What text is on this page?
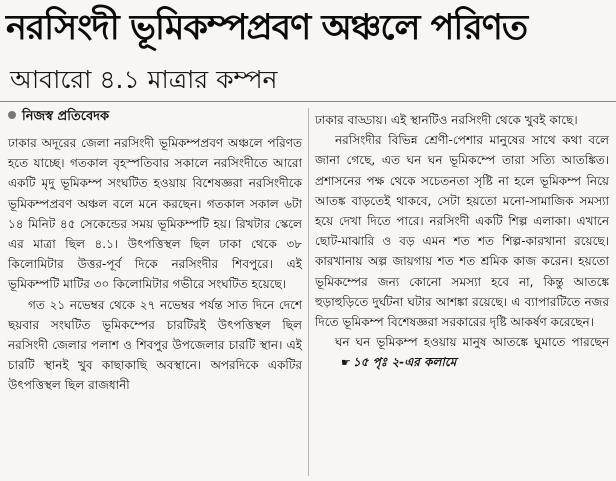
নরসিংদী ভূমিকম্পপ্রবণ অঞ্চলে পরিণত
আবারো ৪.১ মাত্রার কম্পন
নিজস্ব প্রতিবেদক

ঢাকার অদূরের জেলা নরসিংদী ভূমিকম্পপ্রবণ অঞ্চলে পরিণত হতে যাচ্ছে। গতকাল বৃহস্পতিবার সকালে নরসিংদীতে আরো একটি মৃদু ভূমিকম্প সংঘটিত হওয়ায় বিশেষজ্ঞরা নরসিংদীকে ভূমিকম্পপ্রবণ অঞ্চল বলে মনে করছেন। গতকাল সকাল ৬টা ১৪ মিনিট ৪৫ সেকেন্ডের সময় ভূমিকম্পটি হয়। রিখটার স্কেলে এর মাত্রা ছিল ৪.১। উৎপত্তিস্থল ছিল ঢাকা থেকে ৩৮ কিলোমিটার উত্তর-পূর্ব দিকে নরসিংদীর শিবপুরে। এই ভূমিকম্পটি মাটির ৩০ কিলোমিটার গভীরে সংঘটিত হয়েছে।

গত ২১ নভেম্বর থেকে ২৭ নভেম্বর পর্যন্ত সাত দিনে দেশে ছয়বার সংঘটিত ভূমিকম্পের চারটিরই উৎপত্তিস্থল ছিল নরসিংদী জেলার পলাশ ও শিবপুর উপজেলার চারটি স্থান। এই চারটি স্থানই খুব কাছাকাছি অবস্থানে। অপরদিকে একটির উৎপত্তিস্থল ছিল রাজধানী

ঢাকার বাড্ডায়। এই স্থানটিও নরসিংদী থেকে খুবই কাছে।

নরসিংদীর বিভিন্ন শ্রেণী-পেশার মানুষের সাথে কথা বলে জানা গেছে, এত ঘন ঘন ভূমিকম্পে তারা সত্যি আতঙ্কিত। প্রশাসনের পক্ষ থেকে সচেতনতা সৃষ্টি না হলে ভূমিকম্প নিয়ে আতঙ্ক বাড়তেই থাকবে, সেটা হয়তো মনো-সামাজিক সমস্যা হয়ে দেখা দিতে পারে। নরসিংদী একটি শিল্প এলাকা। এখানে ছোট-মাঝারি ও বড় এমন শত শত শিল্প-কারখানা রয়েছে। কারখানায় অল্প জায়গায় শত শত শ্রমিক কাজ করেন। হয়তো ভূমিকম্পের জন্য কোনো সমস্যা হবে না, কিন্তু আতঙ্কে হুড়াহুড়িতে দুর্ঘটনা ঘটার আশঙ্কা রয়েছে। এ ব্যাপারটিতে নজর দিতে ভূমিকম্প বিশেষজ্ঞরা সরকারের দৃষ্টি আকর্ষণ করেছেন।

ঘন ঘন ভূমিকম্প হওয়ায় মানুষ আতঙ্কে ঘুমাতে পারছেন☛ ১৫ পৃঃ ২-এর কলামে
